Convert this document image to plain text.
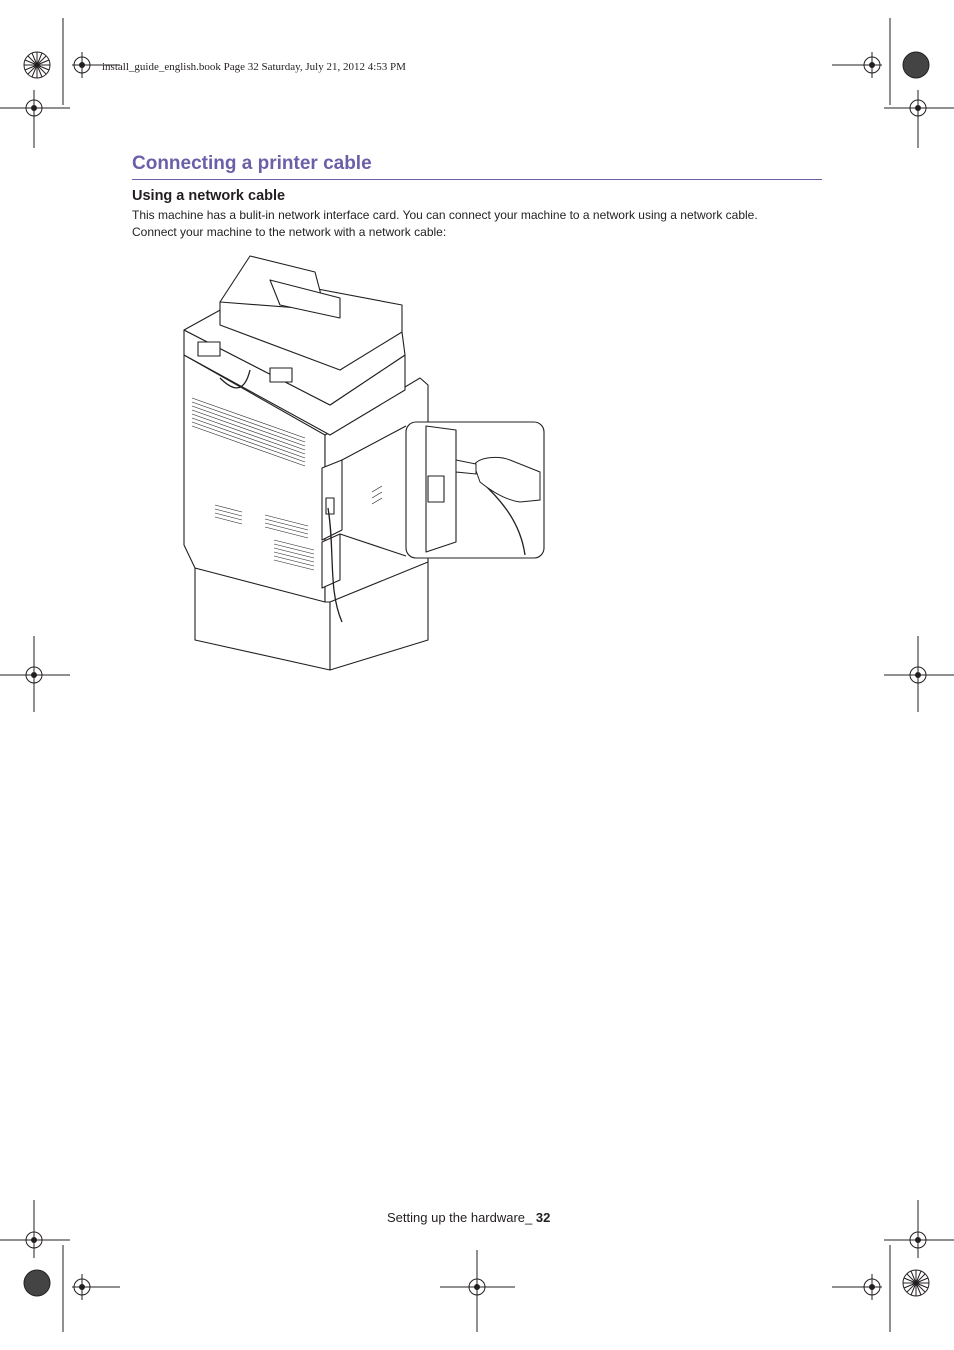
install_guide_english.book Page 32 Saturday, July 21, 2012 4:53 PM
Connecting a printer cable
Using a network cable

This machine has a bulit-in network interface card. You can connect your machine to a network using a network cable.

Connect your machine to the network with a network cable:

Setting up the hardware_ 32
